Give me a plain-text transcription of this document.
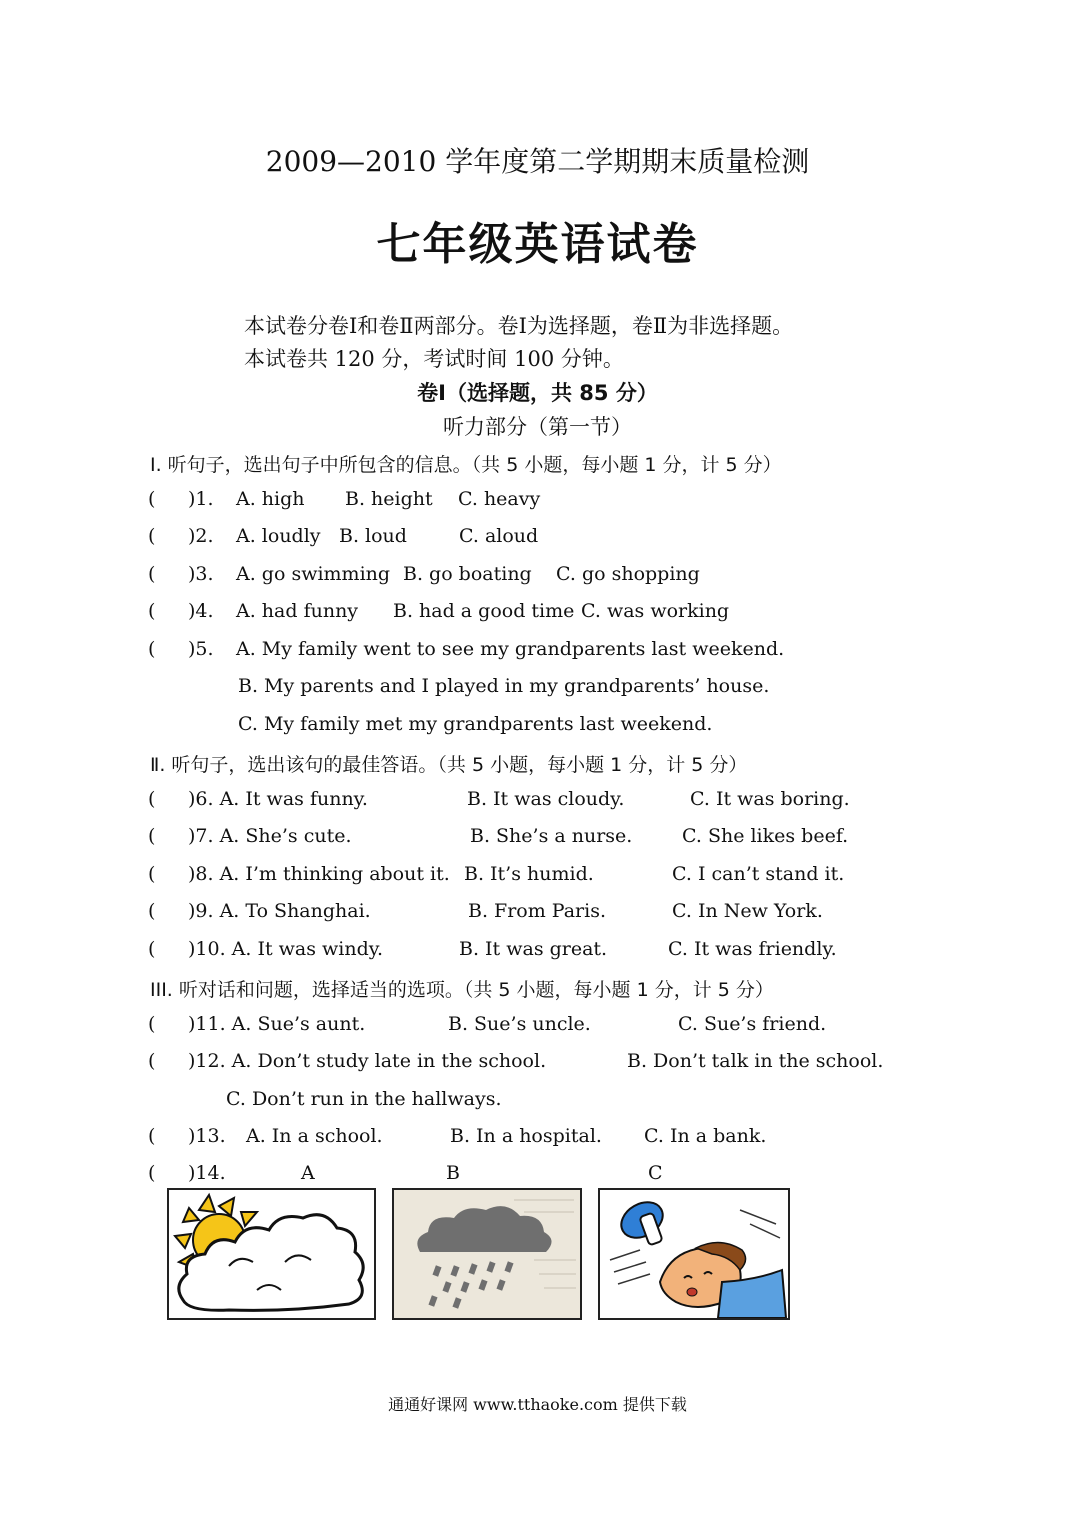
2009—2010 学年度第二学期期末质量检测
七年级英语试卷
本试卷分卷Ⅰ和卷Ⅱ两部分。卷Ⅰ为选择题，卷Ⅱ为非选择题。
本试卷共 120 分，考试时间 100 分钟。
卷Ⅰ（选择题，共 85 分）
听力部分（第一节）
Ⅰ. 听句子，选出句子中所包含的信息。（共 5 小题，每小题 1 分，计 5 分）
( )1. A. high B. height C. heavy
( )2. A. loudly B. loud	C. aloud
( )3. A. go swimming B. go boating C. go shopping
( )4. A. had funny B. had a good time C. was working
( )5. A. My family went to see my grandparents last weekend.
B. My parents and I played in my grandparents’ house.
C. My family met my grandparents last weekend.
Ⅱ. 听句子，选出该句的最佳答语。（共 5 小题，每小题 1 分，计 5 分）
( )6. A. It was funny.	B. It was cloudy.	C. It was boring.
( )7. A. She’s cute.	B. She’s a nurse.	C. She likes beef.
( )8. A. I’m thinking about it. B. It’s humid.	C. I can’t stand it.
( )9. A. To Shanghai.	B. From Paris.	C. In New York.
( )10. A. It was windy.	B. It was great.	C. It was friendly.
III. 听对话和问题，选择适当的选项。（共 5 小题，每小题 1 分，计 5 分）
( )11. A. Sue’s aunt.	B. Sue’s uncle.	C. Sue’s friend.
( )12. A. Don’t study late in the school.	B. Don’t talk in the school.
C. Don’t run in the hallways.
( )13. A. In a school.	B. In a hospital. C. In a bank.
( )14.	A	B	C
通通好课网 www.tthaoke.com 提供下载
